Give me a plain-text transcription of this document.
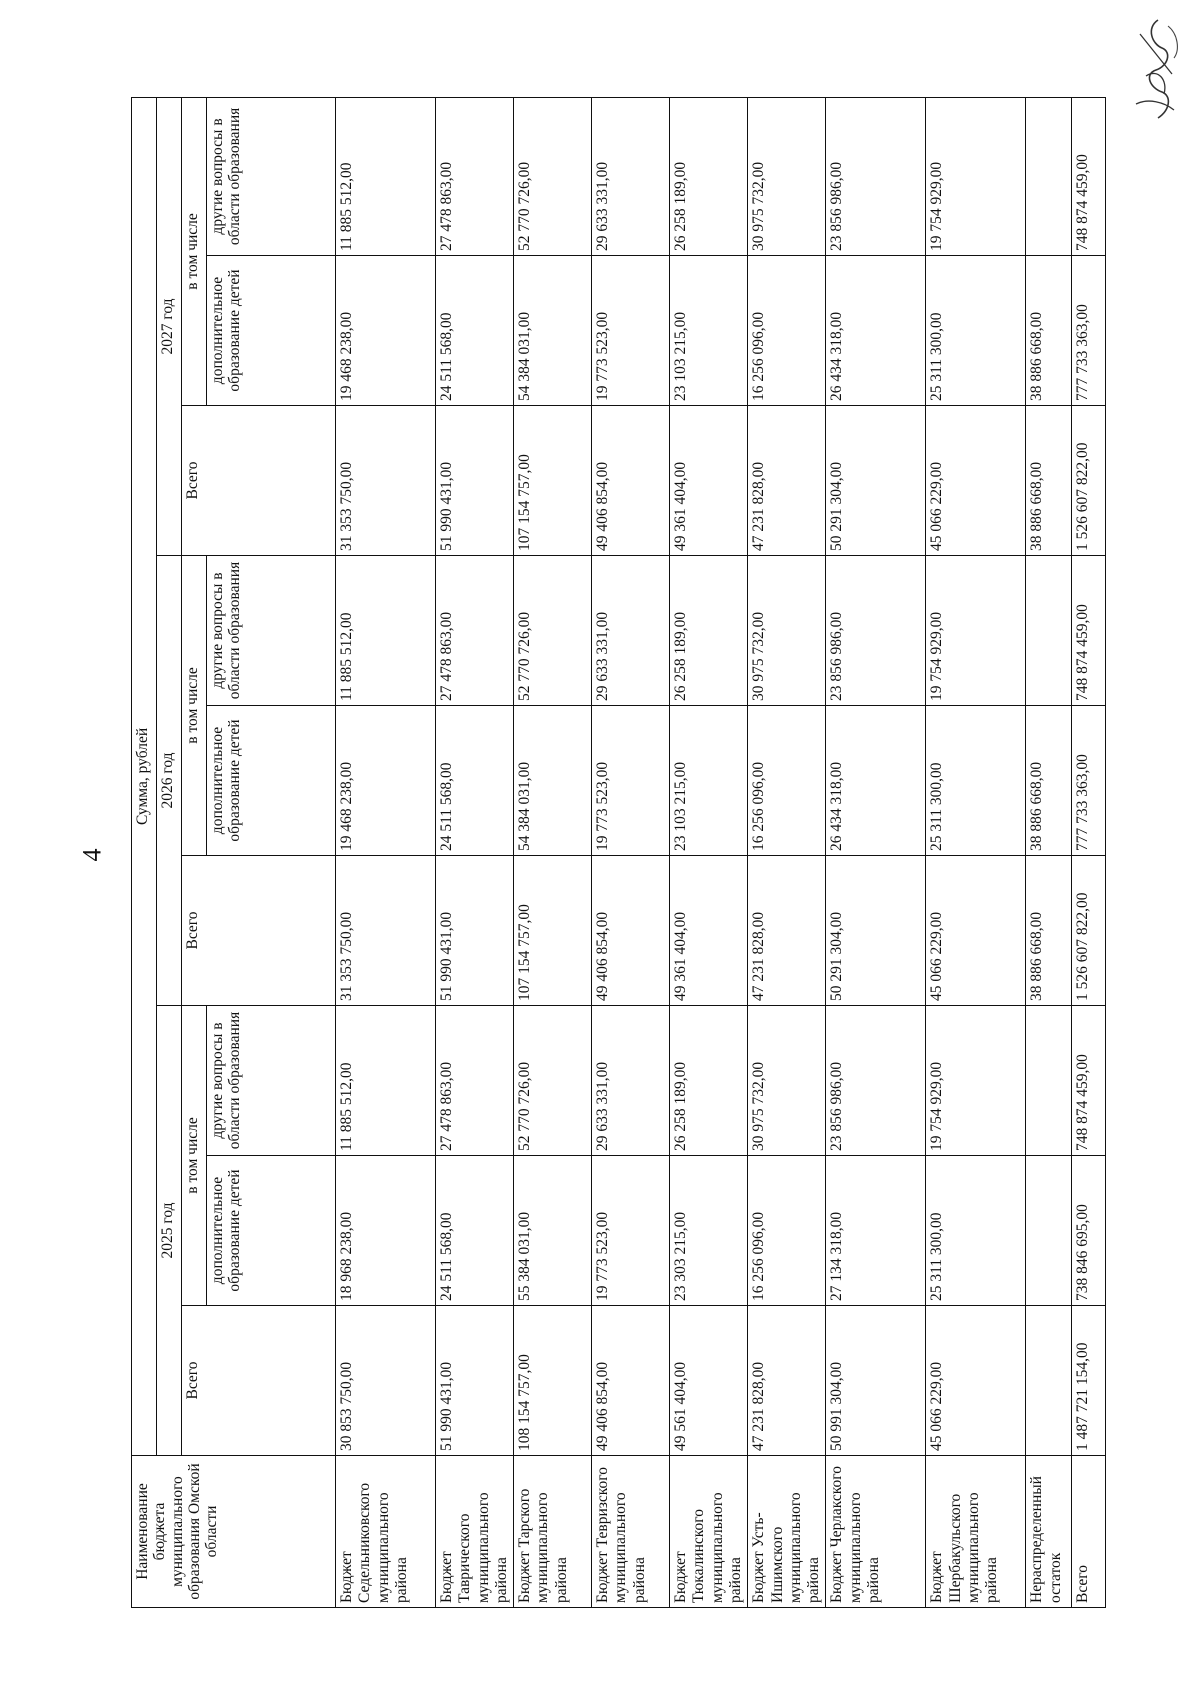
4
Наименование бюджета муниципального образования Омской области	Сумма, рублей								
	2025 год			2026 год			2027 год		
	Всего	в том числе		Всего	в том числе		Всего	в том числе	
		дополнительное образование детей	другие вопросы в области образования		дополнительное образование детей	другие вопросы в области образования		дополнительное образование детей	другие вопросы в области образования
Бюджет Седельниковского муниципального района	30 853 750,00	18 968 238,00	11 885 512,00	31 353 750,00	19 468 238,00	11 885 512,00	31 353 750,00	19 468 238,00	11 885 512,00
Бюджет Таврического муниципального района	51 990 431,00	24 511 568,00	27 478 863,00	51 990 431,00	24 511 568,00	27 478 863,00	51 990 431,00	24 511 568,00	27 478 863,00
Бюджет Тарского муниципального района	108 154 757,00	55 384 031,00	52 770 726,00	107 154 757,00	54 384 031,00	52 770 726,00	107 154 757,00	54 384 031,00	52 770 726,00
Бюджет Тевризского муниципального района	49 406 854,00	19 773 523,00	29 633 331,00	49 406 854,00	19 773 523,00	29 633 331,00	49 406 854,00	19 773 523,00	29 633 331,00
Бюджет Тюкалинского муниципального района	49 561 404,00	23 303 215,00	26 258 189,00	49 361 404,00	23 103 215,00	26 258 189,00	49 361 404,00	23 103 215,00	26 258 189,00
Бюджет Усть-Ишимского муниципального района	47 231 828,00	16 256 096,00	30 975 732,00	47 231 828,00	16 256 096,00	30 975 732,00	47 231 828,00	16 256 096,00	30 975 732,00
Бюджет Черлакского муниципального района	50 991 304,00	27 134 318,00	23 856 986,00	50 291 304,00	26 434 318,00	23 856 986,00	50 291 304,00	26 434 318,00	23 856 986,00
Бюджет Шербакульского муниципального района	45 066 229,00	25 311 300,00	19 754 929,00	45 066 229,00	25 311 300,00	19 754 929,00	45 066 229,00	25 311 300,00	19 754 929,00
Нераспределенный остаток				38 886 668,00	38 886 668,00		38 886 668,00	38 886 668,00	
Всего	1 487 721 154,00	738 846 695,00	748 874 459,00	1 526 607 822,00	777 733 363,00	748 874 459,00	1 526 607 822,00	777 733 363,00	748 874 459,00
